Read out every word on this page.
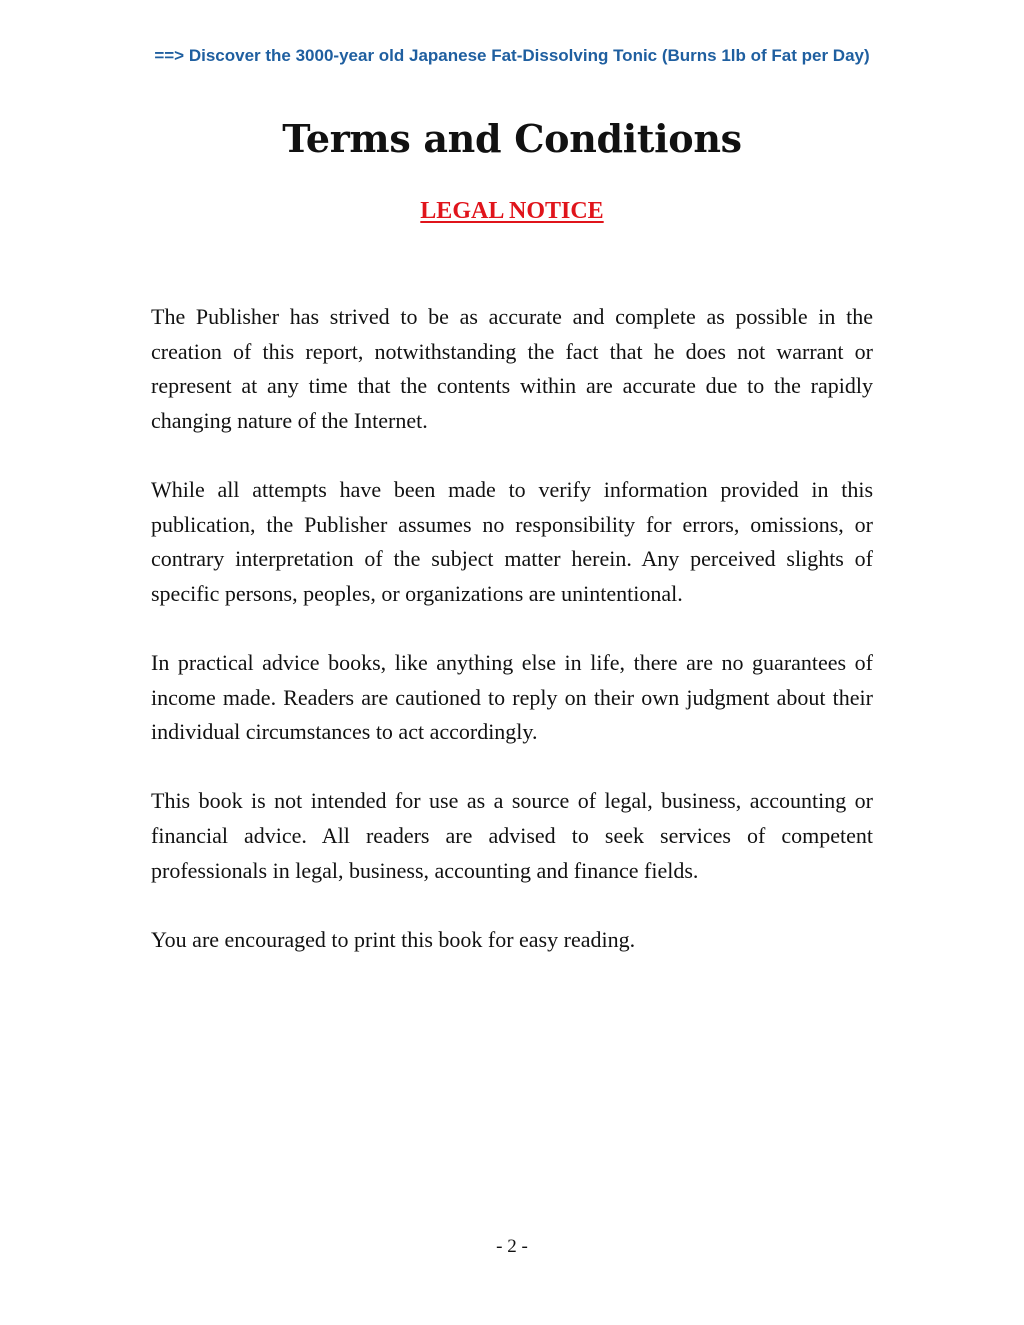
==> Discover the 3000-year old Japanese Fat-Dissolving Tonic (Burns 1lb of Fat per Day)
Terms and Conditions
LEGAL NOTICE

The Publisher has strived to be as accurate and complete as possible in the creation of this report, notwithstanding the fact that he does not warrant or represent at any time that the contents within are accurate due to the rapidly changing nature of the Internet.

While all attempts have been made to verify information provided in this publication, the Publisher assumes no responsibility for errors, omissions, or contrary interpretation of the subject matter herein. Any perceived slights of specific persons, peoples, or organizations are unintentional.

In practical advice books, like anything else in life, there are no guarantees of income made. Readers are cautioned to reply on their own judgment about their individual circumstances to act accordingly.

This book is not intended for use as a source of legal, business, accounting or financial advice. All readers are advised to seek services of competent professionals in legal, business, accounting and finance fields.

You are encouraged to print this book for easy reading.

- 2 -
